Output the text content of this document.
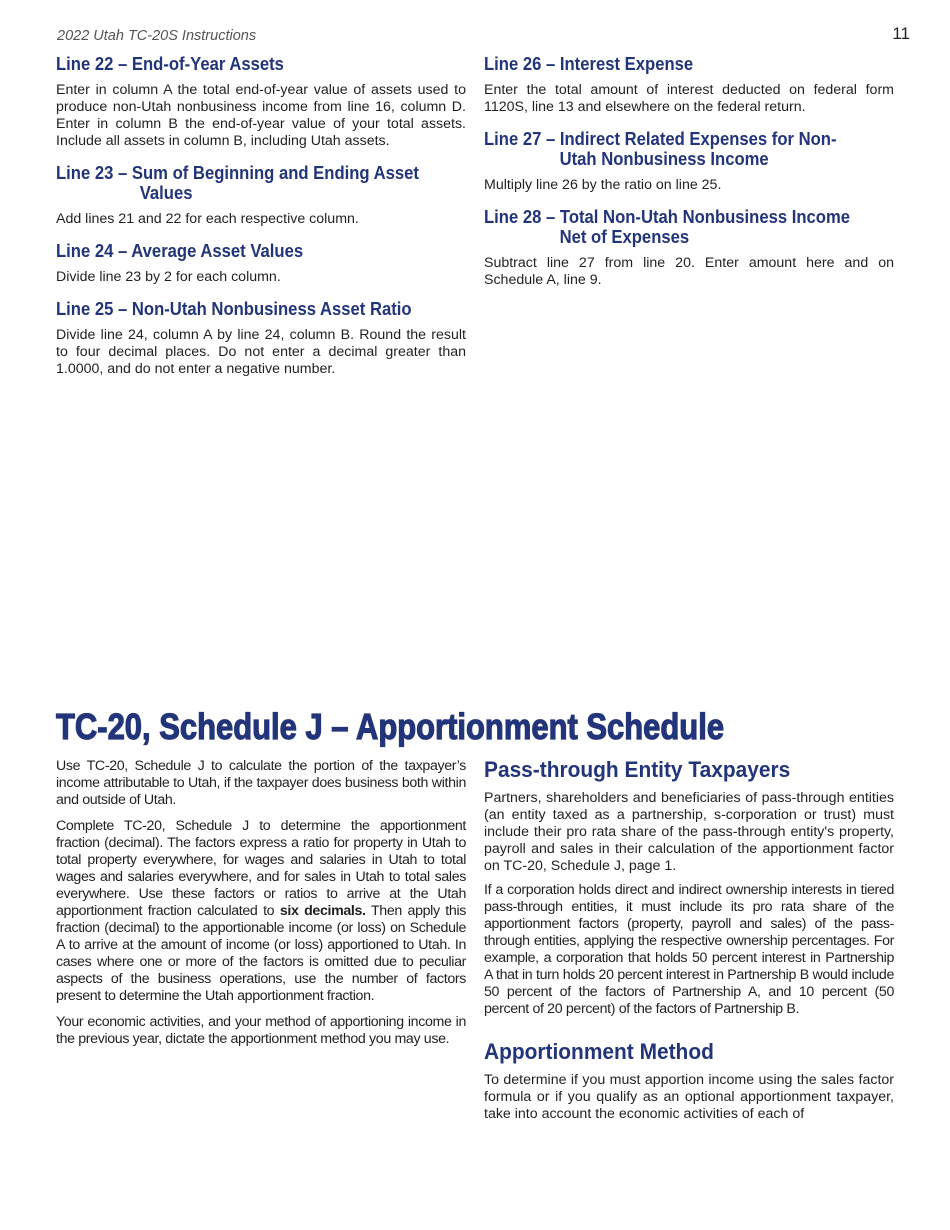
2022 Utah TC-20S Instructions	11
Line 22 – End-of-Year Assets

Enter in column A the total end-of-year value of assets used to produce non-Utah nonbusiness income from line 16, column D. Enter in column B the end-of-year value of your total assets. Include all assets in column B, including Utah assets.

Line 23 – Sum of Beginning and Ending Asset
Values

Add lines 21 and 22 for each respective column.

Line 24 – Average Asset Values

Divide line 23 by 2 for each column.

Line 25 – Non-Utah Nonbusiness Asset Ratio

Divide line 24, column A by line 24, column B. Round the result to four decimal places. Do not enter a decimal greater than 1.0000, and do not enter a negative number.

Line 26 – Interest Expense

Enter the total amount of interest deducted on federal form 1120S, line 13 and elsewhere on the federal return.

Line 27 – Indirect Related Expenses for Non-
Utah Nonbusiness Income

Multiply line 26 by the ratio on line 25.

Line 28 – Total Non-Utah Nonbusiness Income
Net of Expenses

Subtract line 27 from line 20. Enter amount here and on Schedule A, line 9.

TC-20, Schedule J – Apportionment Schedule

Use TC-20, Schedule J to calculate the portion of the taxpayer’s income attributable to Utah, if the taxpayer does business both within and outside of Utah.

Complete TC-20, Schedule J to determine the apportionment fraction (decimal). The factors express a ratio for property in Utah to total property everywhere, for wages and salaries in Utah to total wages and salaries everywhere, and for sales in Utah to total sales everywhere. Use these factors or ratios to arrive at the Utah apportionment fraction calculated to six decimals. Then apply this fraction (decimal) to the apportionable income (or loss) on Schedule A to arrive at the amount of income (or loss) apportioned to Utah. In cases where one or more of the factors is omitted due to peculiar aspects of the business operations, use the number of factors present to determine the Utah apportionment fraction.

Your economic activities, and your method of apportioning income in the previous year, dictate the apportionment method you may use.

Pass-through Entity Taxpayers

Partners, shareholders and beneficiaries of pass-through entities (an entity taxed as a partnership, s-corporation or trust) must include their pro rata share of the pass-through entity's property, payroll and sales in their calculation of the apportionment factor on TC-20, Schedule J, page 1.

If a corporation holds direct and indirect ownership interests in tiered pass-through entities, it must include its pro rata share of the apportionment factors (property, payroll and sales) of the pass-through entities, applying the respective ownership percentages. For example, a corporation that holds 50 percent interest in Partnership A that in turn holds 20 percent interest in Partnership B would include 50 percent of the factors of Partnership A, and 10 percent (50 percent of 20 percent) of the factors of Partnership B.

Apportionment Method

To determine if you must apportion income using the sales factor formula or if you qualify as an optional apportionment taxpayer, take into account the economic activities of each of
